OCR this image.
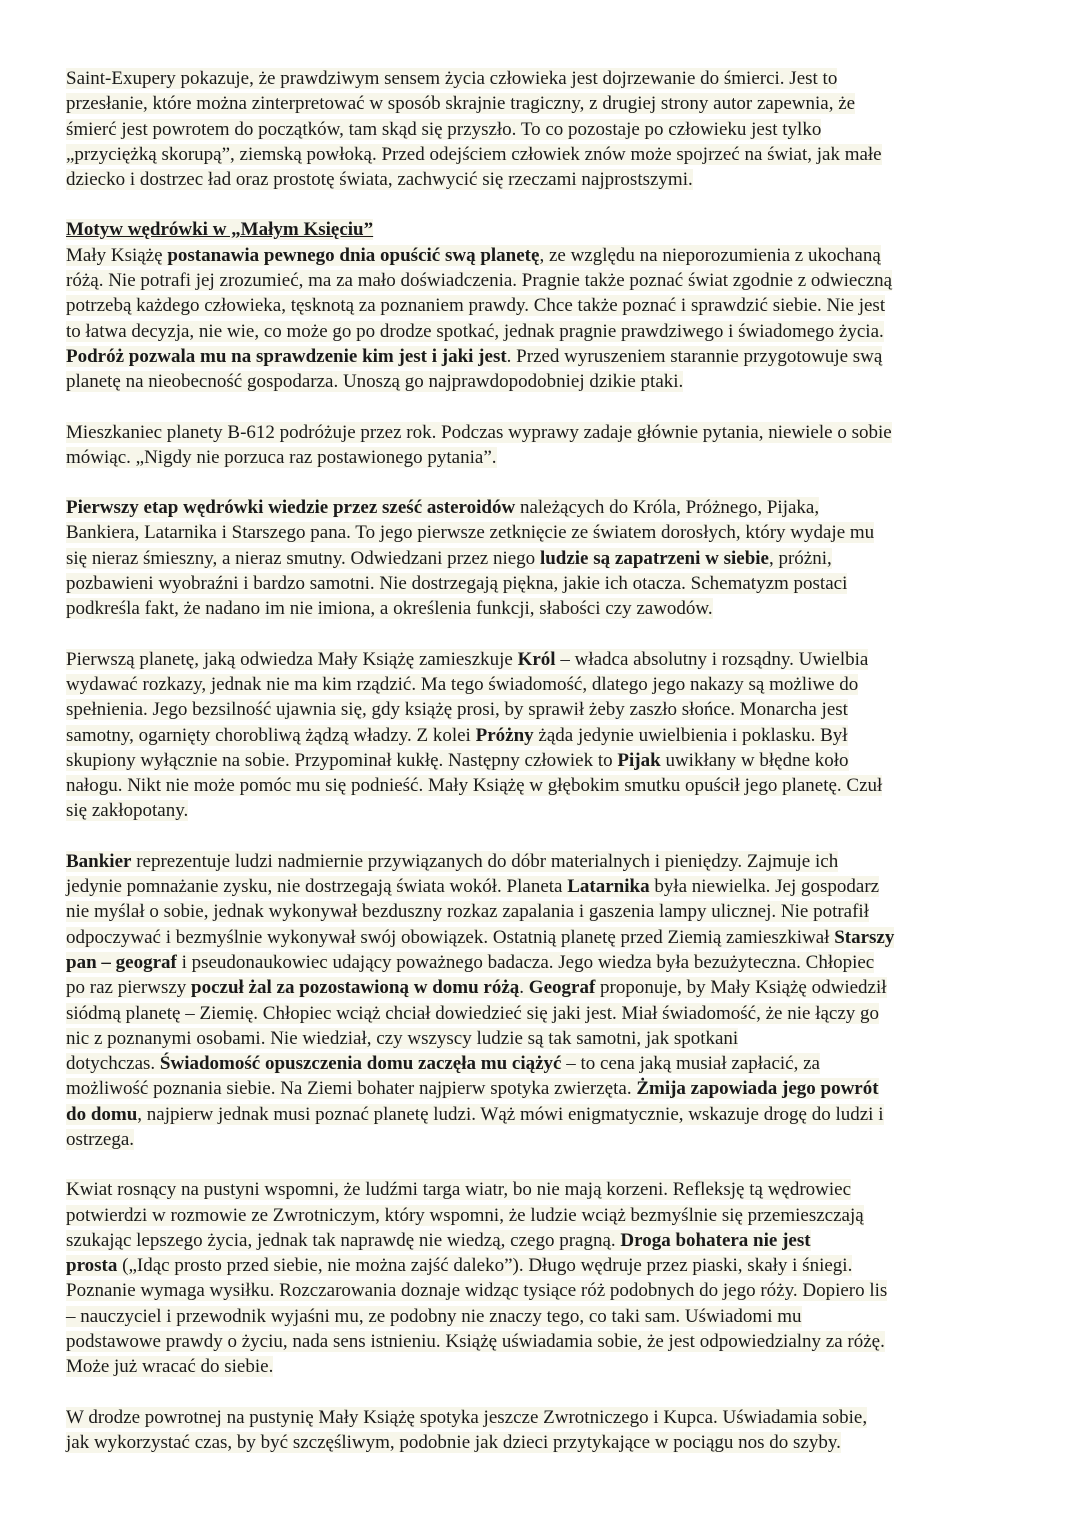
Saint-Exupery pokazuje, że prawdziwym sensem życia człowieka jest dojrzewanie do śmierci. Jest to
przesłanie, które można zinterpretować w sposób skrajnie tragiczny, z drugiej strony autor zapewnia, że
śmierć jest powrotem do początków, tam skąd się przyszło. To co pozostaje po człowieku jest tylko
„przyciężką skorupą”, ziemską powłoką. Przed odejściem człowiek znów może spojrzeć na świat, jak małe
dziecko i dostrzec ład oraz prostotę świata, zachwycić się rzeczami najprostszymi.
Motyw wędrówki w „Małym Księciu”
Mały Książę postanawia pewnego dnia opuścić swą planetę, ze względu na nieporozumienia z ukochaną
różą. Nie potrafi jej zrozumieć, ma za mało doświadczenia. Pragnie także poznać świat zgodnie z odwieczną
potrzebą każdego człowieka, tęsknotą za poznaniem prawdy. Chce także poznać i sprawdzić siebie. Nie jest
to łatwa decyzja, nie wie, co może go po drodze spotkać, jednak pragnie prawdziwego i świadomego życia.
Podróż pozwala mu na sprawdzenie kim jest i jaki jest. Przed wyruszeniem starannie przygotowuje swą
planetę na nieobecność gospodarza. Unoszą go najprawdopodobniej dzikie ptaki.
Mieszkaniec planety B-612 podróżuje przez rok. Podczas wyprawy zadaje głównie pytania, niewiele o sobie
mówiąc. „Nigdy nie porzuca raz postawionego pytania”.
Pierwszy etap wędrówki wiedzie przez sześć asteroidów należących do Króla, Próżnego, Pijaka,
Bankiera, Latarnika i Starszego pana. To jego pierwsze zetknięcie ze światem dorosłych, który wydaje mu
się nieraz śmieszny, a nieraz smutny. Odwiedzani przez niego ludzie są zapatrzeni w siebie, próżni,
pozbawieni wyobraźni i bardzo samotni. Nie dostrzegają piękna, jakie ich otacza. Schematyzm postaci
podkreśla fakt, że nadano im nie imiona, a określenia funkcji, słabości czy zawodów.
Pierwszą planetę, jaką odwiedza Mały Książę zamieszkuje Król – władca absolutny i rozsądny. Uwielbia
wydawać rozkazy, jednak nie ma kim rządzić. Ma tego świadomość, dlatego jego nakazy są możliwe do
spełnienia. Jego bezsilność ujawnia się, gdy książę prosi, by sprawił żeby zaszło słońce. Monarcha jest
samotny, ogarnięty chorobliwą żądzą władzy. Z kolei Próżny żąda jedynie uwielbienia i poklasku. Był
skupiony wyłącznie na sobie. Przypominał kukłę. Następny człowiek to Pijak uwikłany w błędne koło
nałogu. Nikt nie może pomóc mu się podnieść. Mały Książę w głębokim smutku opuścił jego planetę. Czuł
się zakłopotany.
Bankier reprezentuje ludzi nadmiernie przywiązanych do dóbr materialnych i pieniędzy. Zajmuje ich
jedynie pomnażanie zysku, nie dostrzegają świata wokół. Planeta Latarnika była niewielka. Jej gospodarz
nie myślał o sobie, jednak wykonywał bezduszny rozkaz zapalania i gaszenia lampy ulicznej. Nie potrafił
odpoczywać i bezmyślnie wykonywał swój obowiązek. Ostatnią planetę przed Ziemią zamieszkiwał Starszy
pan – geograf i pseudonaukowiec udający poważnego badacza. Jego wiedza była bezużyteczna. Chłopiec
po raz pierwszy poczuł żal za pozostawioną w domu różą. Geograf proponuje, by Mały Książę odwiedził
siódmą planetę – Ziemię. Chłopiec wciąż chciał dowiedzieć się jaki jest. Miał świadomość, że nie łączy go
nic z poznanymi osobami. Nie wiedział, czy wszyscy ludzie są tak samotni, jak spotkani
dotychczas. Świadomość opuszczenia domu zaczęła mu ciążyć – to cena jaką musiał zapłacić, za
możliwość poznania siebie. Na Ziemi bohater najpierw spotyka zwierzęta. Żmija zapowiada jego powrót
do domu, najpierw jednak musi poznać planetę ludzi. Wąż mówi enigmatycznie, wskazuje drogę do ludzi i
ostrzega.
Kwiat rosnący na pustyni wspomni, że ludźmi targa wiatr, bo nie mają korzeni. Refleksję tą wędrowiec
potwierdzi w rozmowie ze Zwrotniczym, który wspomni, że ludzie wciąż bezmyślnie się przemieszczają
szukając lepszego życia, jednak tak naprawdę nie wiedzą, czego pragną. Droga bohatera nie jest
prosta („Idąc prosto przed siebie, nie można zajść daleko”). Długo wędruje przez piaski, skały i śniegi.
Poznanie wymaga wysiłku. Rozczarowania doznaje widząc tysiące róż podobnych do jego róży. Dopiero lis
– nauczyciel i przewodnik wyjaśni mu, ze podobny nie znaczy tego, co taki sam. Uświadomi mu
podstawowe prawdy o życiu, nada sens istnieniu. Książę uświadamia sobie, że jest odpowiedzialny za różę.
Może już wracać do siebie.
W drodze powrotnej na pustynię Mały Książę spotyka jeszcze Zwrotniczego i Kupca. Uświadamia sobie,
jak wykorzystać czas, by być szczęśliwym, podobnie jak dzieci przytykające w pociągu nos do szyby.
